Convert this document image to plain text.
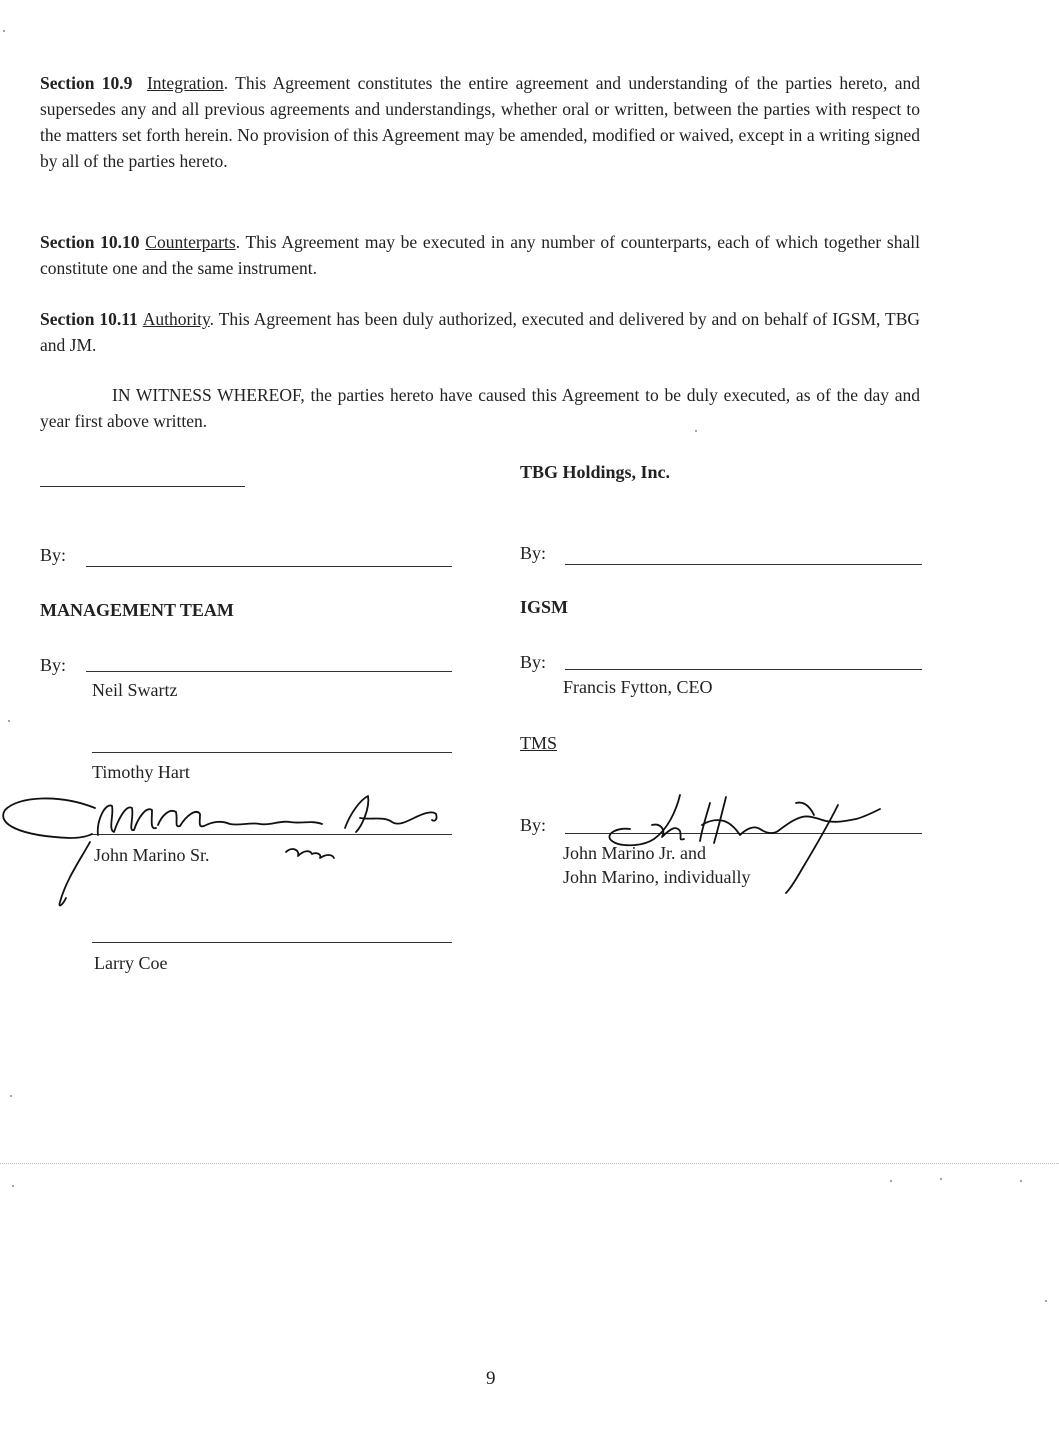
Section 10.9 Integration. This Agreement constitutes the entire agreement and understanding of the parties hereto, and supersedes any and all previous agreements and understandings, whether oral or written, between the parties with respect to the matters set forth herein. No provision of this Agreement may be amended, modified or waived, except in a writing signed by all of the parties hereto.
Section 10.10 Counterparts. This Agreement may be executed in any number of counterparts, each of which together shall constitute one and the same instrument.
Section 10.11 Authority. This Agreement has been duly authorized, executed and delivered by and on behalf of IGSM, TBG and JM.
IN WITNESS WHEREOF, the parties hereto have caused this Agreement to be duly executed, as of the day and year first above written.
By:
MANAGEMENT TEAM
By:
Neil Swartz
Timothy Hart
John Marino Sr.
Larry Coe
TBG Holdings, Inc.
By:
IGSM
By:
Francis Fytton, CEO
TMS
By:
John Marino Jr. and
John Marino, individually
9
